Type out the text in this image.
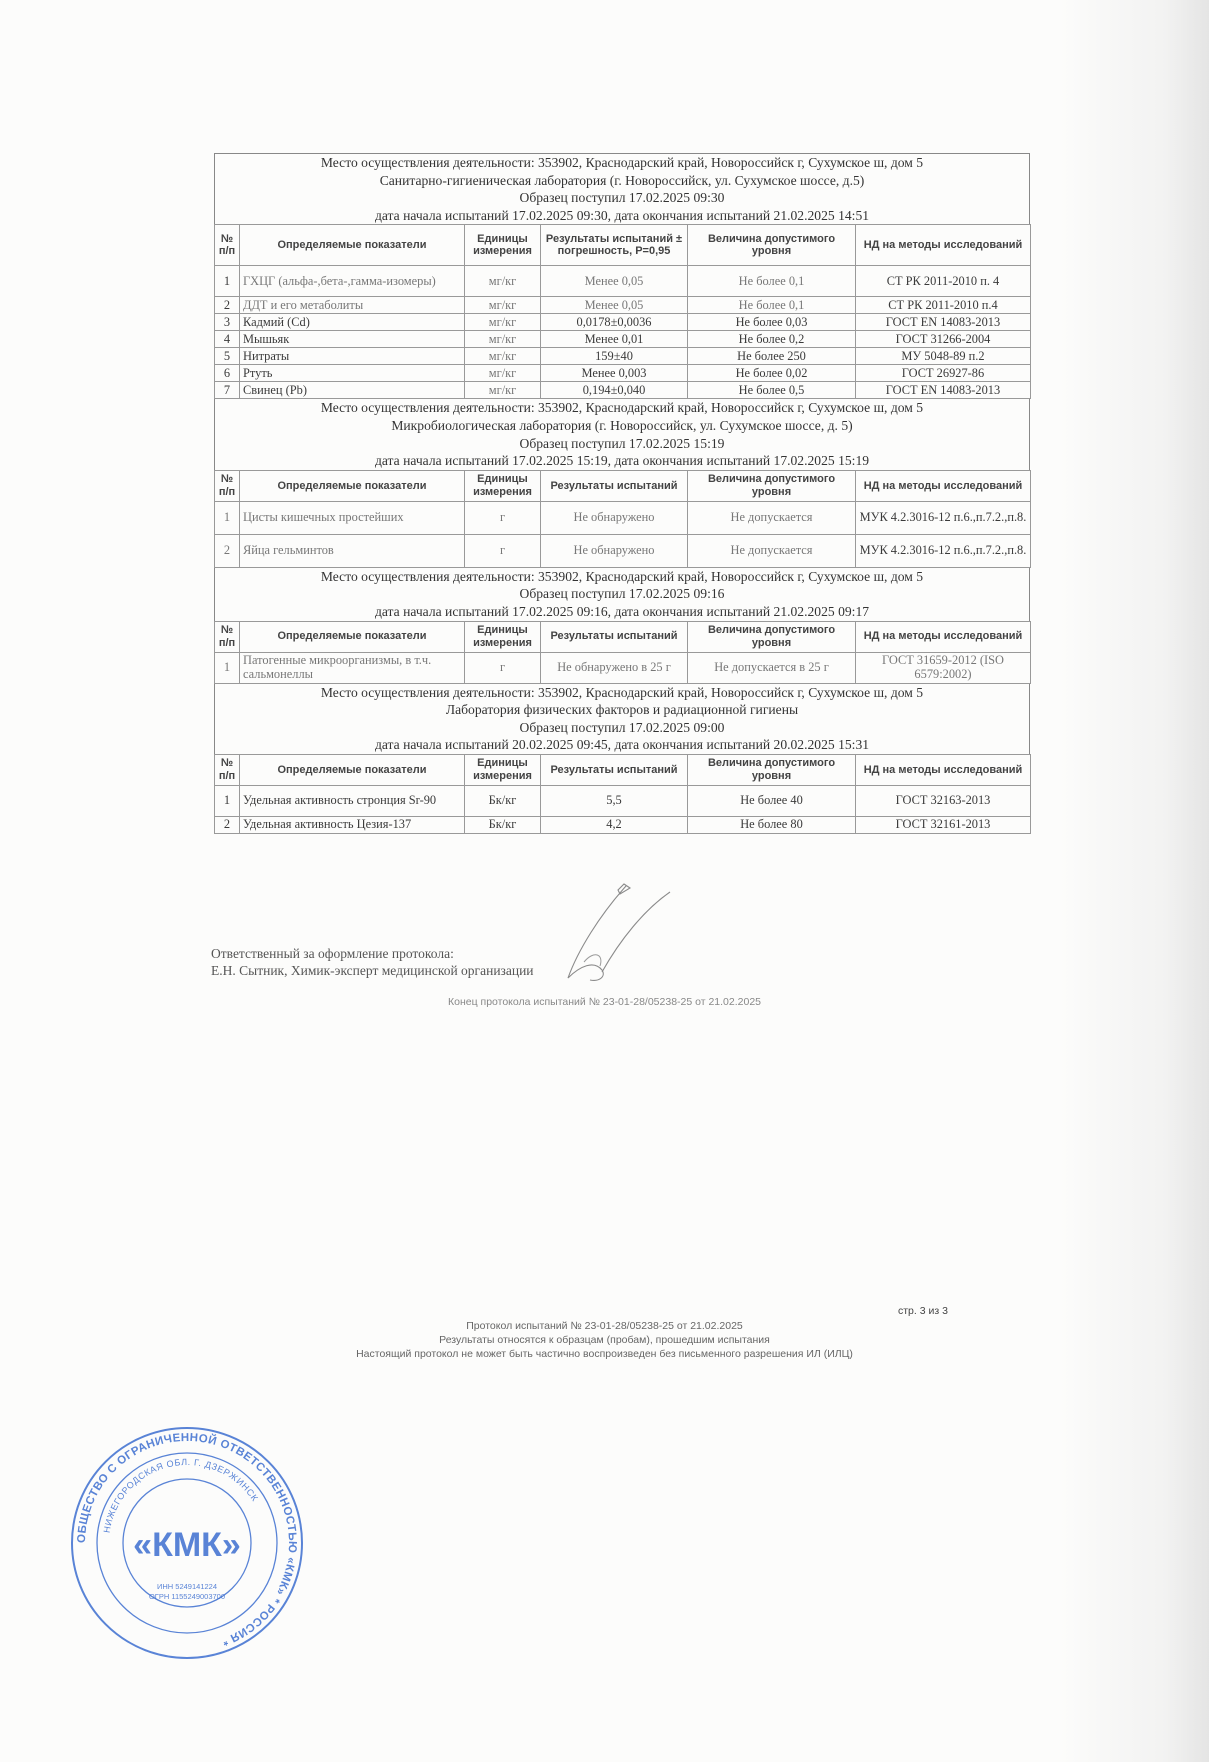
Место осуществления деятельности: 353902, Краснодарский край, Новороссийск г, Сухумское ш, дом 5
Санитарно-гигиеническая лаборатория (г. Новороссийск, ул. Сухумское шоссе, д.5)
Образец поступил 17.02.2025 09:30
дата начала испытаний 17.02.2025 09:30, дата окончания испытаний 21.02.2025 14:51
№ п/п	Определяемые показатели	Единицы измерения	Результаты испытаний ± погрешность, Р=0,95	Величина допустимого уровня	НД на методы исследований
1	ГХЦГ (альфа-,бета-,гамма-изомеры)	мг/кг	Менее 0,05	Не более 0,1	СТ РК 2011-2010 п. 4
2	ДДТ и его метаболиты	мг/кг	Менее 0,05	Не более 0,1	СТ РК 2011-2010 п.4
3	Кадмий (Cd)	мг/кг	0,0178±0,0036	Не более 0,03	ГОСТ EN 14083-2013
4	Мышьяк	мг/кг	Менее 0,01	Не более 0,2	ГОСТ 31266-2004
5	Нитраты	мг/кг	159±40	Не более 250	МУ 5048-89 п.2
6	Ртуть	мг/кг	Менее 0,003	Не более 0,02	ГОСТ 26927-86
7	Свинец (Pb)	мг/кг	0,194±0,040	Не более 0,5	ГОСТ EN 14083-2013
Место осуществления деятельности: 353902, Краснодарский край, Новороссийск г, Сухумское ш, дом 5
Микробиологическая лаборатория (г. Новороссийск, ул. Сухумское шоссе, д. 5)
Образец поступил 17.02.2025 15:19
дата начала испытаний 17.02.2025 15:19, дата окончания испытаний 17.02.2025 15:19
№ п/п	Определяемые показатели	Единицы измерения	Результаты испытаний	Величина допустимого уровня	НД на методы исследований
1	Цисты кишечных простейших	г	Не обнаружено	Не допускается	МУК 4.2.3016-12 п.6.,п.7.2.,п.8.
2	Яйца гельминтов	г	Не обнаружено	Не допускается	МУК 4.2.3016-12 п.6.,п.7.2.,п.8.
Место осуществления деятельности: 353902, Краснодарский край, Новороссийск г, Сухумское ш, дом 5
Образец поступил 17.02.2025 09:16
дата начала испытаний 17.02.2025 09:16, дата окончания испытаний 21.02.2025 09:17
№ п/п	Определяемые показатели	Единицы измерения	Результаты испытаний	Величина допустимого уровня	НД на методы исследований
1	Патогенные микроорганизмы, в т.ч. сальмонеллы	г	Не обнаружено в 25 г	Не допускается в 25 г	ГОСТ 31659-2012 (ISO 6579:2002)
Место осуществления деятельности: 353902, Краснодарский край, Новороссийск г, Сухумское ш, дом 5
Лаборатория физических факторов и радиационной гигиены
Образец поступил 17.02.2025 09:00
дата начала испытаний 20.02.2025 09:45, дата окончания испытаний 20.02.2025 15:31
№ п/п	Определяемые показатели	Единицы измерения	Результаты испытаний	Величина допустимого уровня	НД на методы исследований
1	Удельная активность стронция Sr-90	Бк/кг	5,5	Не более 40	ГОСТ 32163-2013
2	Удельная активность Цезия-137	Бк/кг	4,2	Не более 80	ГОСТ 32161-2013
Ответственный за оформление протокола:
Е.Н. Сытник, Химик-эксперт медицинской организации
Конец протокола испытаний № 23-01-28/05238-25 от 21.02.2025
стр. 3 из 3
Протокол испытаний № 23-01-28/05238-25 от 21.02.2025
Результаты относятся к образцам (пробам), прошедшим испытания
Настоящий протокол не может быть частично воспроизведен без письменного разрешения ИЛ (ИЛЦ)
ОБЩЕСТВО С ОГРАНИЧЕННОЙ ОТВЕТСТВЕННОСТЬЮ «КМК» * РОССИЯ *
НИЖЕГОРОДСКАЯ ОБЛ. Г. ДЗЕРЖИНСК
«КМК»
ИНН 5249141224
ОГРН 1155249003700
